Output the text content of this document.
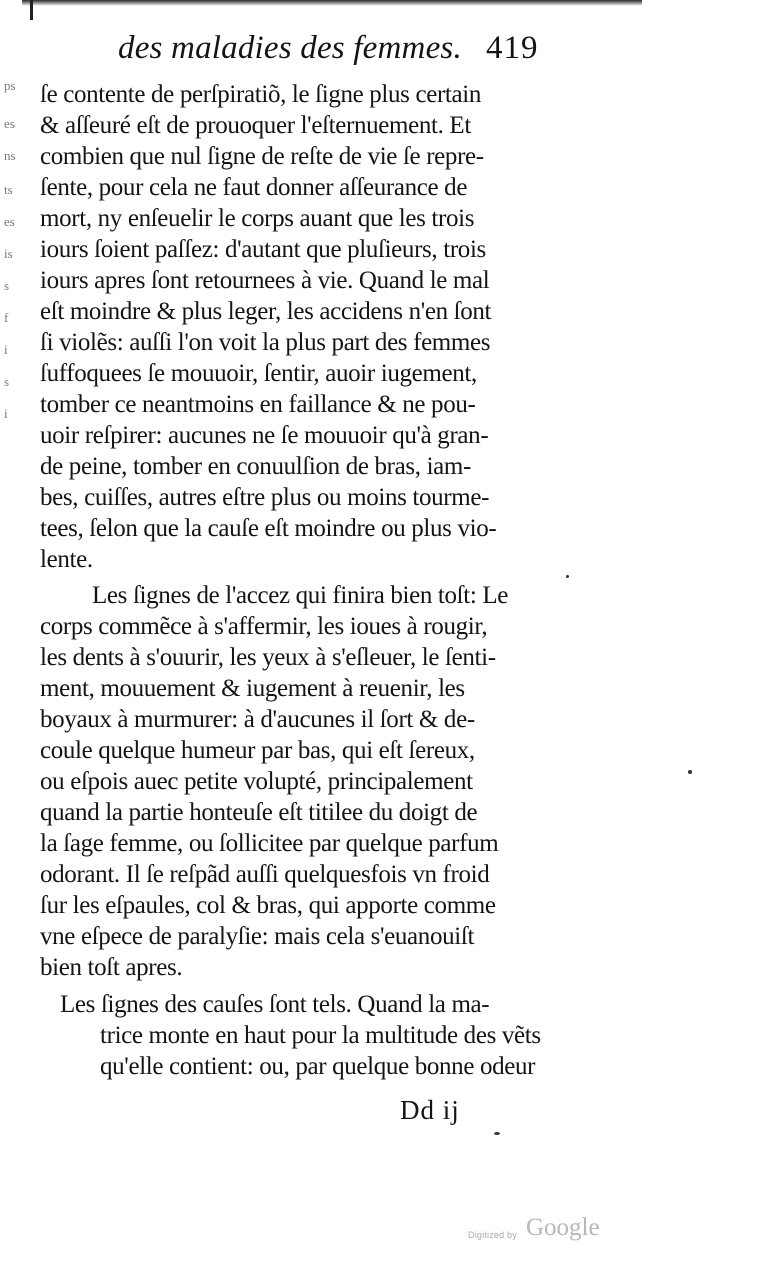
des maladies des femmes. 419
ps
es
ns
ts
es
is
s
f
i
s
i
ſe contente de perſpiratiõ, le ſigne plus certain
& aſſeuré eſt de prouoquer l'eſternuement. Et
combien que nul ſigne de reſte de vie ſe repre-
ſente, pour cela ne faut donner aſſeurance de
mort, ny enſeuelir le corps auant que les trois
iours ſoient paſſez: d'autant que pluſieurs, trois
iours apres ſont retournees à vie. Quand le mal
eſt moindre & plus leger, les accidens n'en ſont
ſi violẽs: auſſi l'on voit la plus part des femmes
ſuffoquees ſe mouuoir, ſentir, auoir iugement,
tomber ce neantmoins en faillance & ne pou-
uoir reſpirer: aucunes ne ſe mouuoir qu'à gran-
de peine, tomber en conuulſion de bras, iam-
bes, cuiſſes, autres eſtre plus ou moins tourme-
tees, ſelon que la cauſe eſt moindre ou plus vio-
lente.
Les ſignes de l'accez qui finira bien toſt: Le
corps commẽce à s'affermir, les ioues à rougir,
les dents à s'ouurir, les yeux à s'eſleuer, le ſenti-
ment, mouuement & iugement à reuenir, les
boyaux à murmurer: à d'aucunes il ſort & de-
coule quelque humeur par bas, qui eſt ſereux,
ou eſpois auec petite volupté, principalement
quand la partie honteuſe eſt titilee du doigt de
la ſage femme, ou ſollicitee par quelque parfum
odorant. Il ſe reſpãd auſſi quelquesfois vn froid
ſur les eſpaules, col & bras, qui apporte comme
vne eſpece de paralyſie: mais cela s'euanouiſt
bien toſt apres.
Les ſignes des cauſes ſont tels. Quand la ma-
trice monte en haut pour la multitude des vẽts
qu'elle contient: ou, par quelque bonne odeur
Dd ij
Digitized by Google
